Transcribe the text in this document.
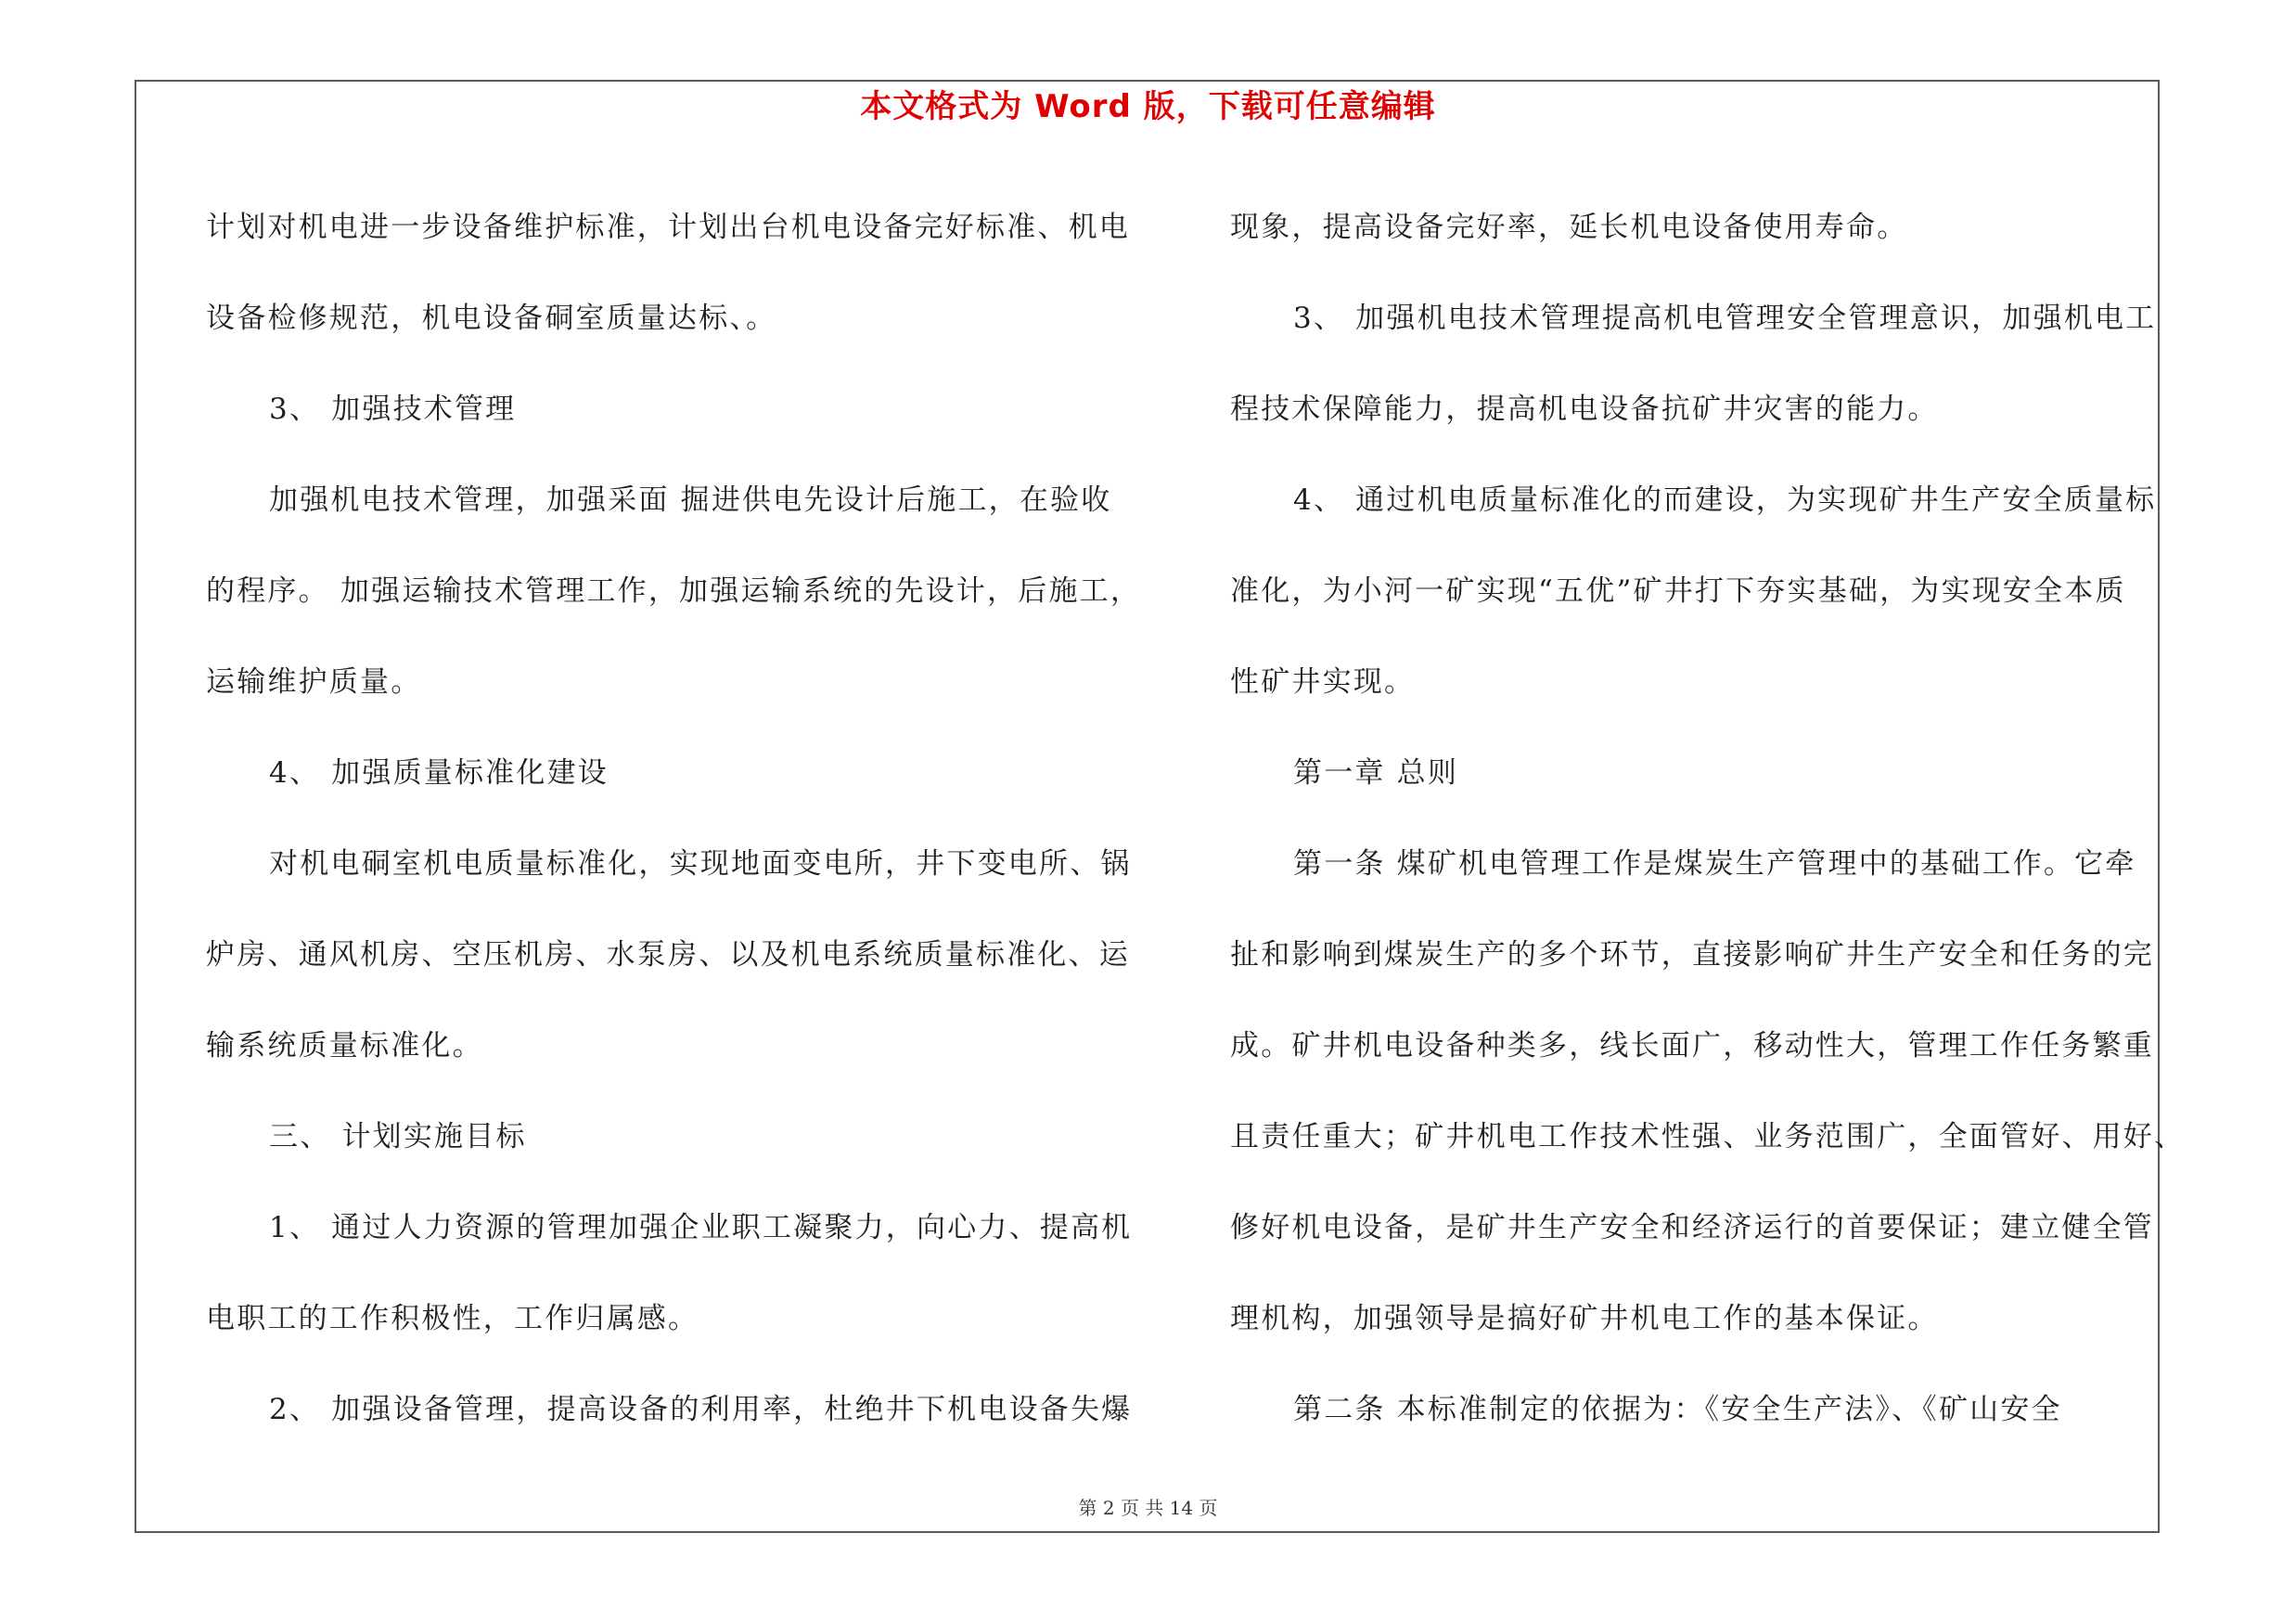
本文格式为 Word 版，下载可任意编辑
计划对机电进一步设备维护标准，计划出台机电设备完好标准、机电
设备检修规范，机电设备硐室质量达标、。
3、 加强技术管理
加强机电技术管理，加强采面 掘进供电先设计后施工，在验收
的程序。 加强运输技术管理工作，加强运输系统的先设计，后施工，
运输维护质量。
4、 加强质量标准化建设
对机电硐室机电质量标准化，实现地面变电所，井下变电所、锅
炉房、通风机房、空压机房、水泵房、以及机电系统质量标准化、运
输系统质量标准化。
三、 计划实施目标
1、 通过人力资源的管理加强企业职工凝聚力，向心力、提高机
电职工的工作积极性，工作归属感。
2、 加强设备管理，提高设备的利用率，杜绝井下机电设备失爆
现象，提高设备完好率，延长机电设备使用寿命。
3、 加强机电技术管理提高机电管理安全管理意识，加强机电工
程技术保障能力，提高机电设备抗矿井灾害的能力。
4、 通过机电质量标准化的而建设，为实现矿井生产安全质量标
准化，为小河一矿实现“五优”矿井打下夯实基础，为实现安全本质
性矿井实现。
第一章 总则
第一条 煤矿机电管理工作是煤炭生产管理中的基础工作。它牵
扯和影响到煤炭生产的多个环节，直接影响矿井生产安全和任务的完
成。矿井机电设备种类多，线长面广，移动性大，管理工作任务繁重
且责任重大；矿井机电工作技术性强、业务范围广，全面管好、用好、
修好机电设备，是矿井生产安全和经济运行的首要保证；建立健全管
理机构，加强领导是搞好矿井机电工作的基本保证。
第二条 本标准制定的依据为：《安全生产法》、《矿山安全
第 2 页 共 14 页
